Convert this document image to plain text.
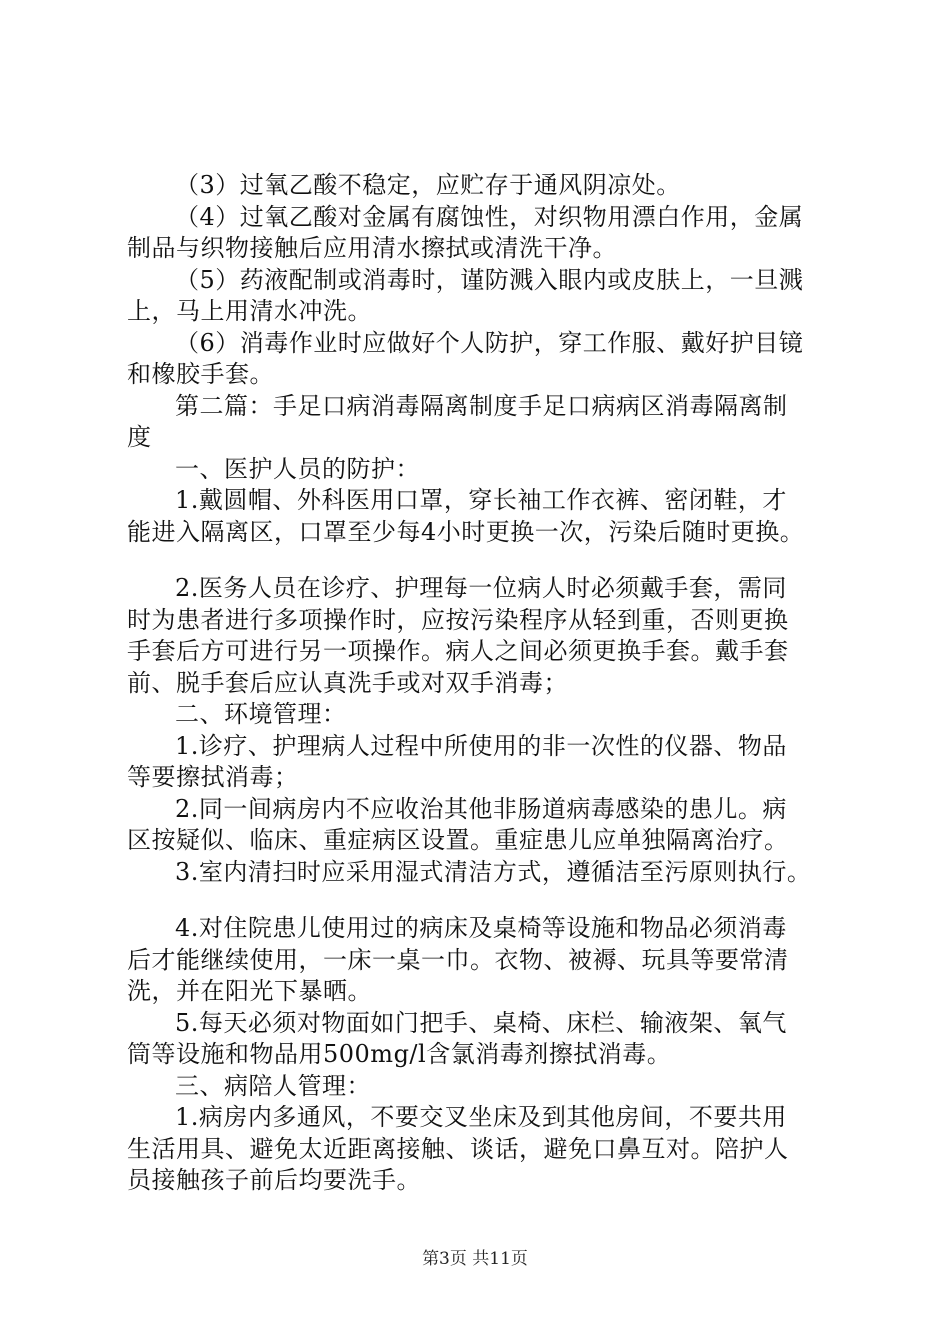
（3）过氧乙酸不稳定，应贮存于通风阴凉处。
（4）过氧乙酸对金属有腐蚀性，对织物用漂白作用，金属
制品与织物接触后应用清水擦拭或清洗干净。
（5）药液配制或消毒时，谨防溅入眼内或皮肤上，一旦溅
上，马上用清水冲洗。
（6）消毒作业时应做好个人防护，穿工作服、戴好护目镜
和橡胶手套。
第二篇：手足口病消毒隔离制度手足口病病区消毒隔离制
度
一、医护人员的防护：
1.戴圆帽、外科医用口罩，穿长袖工作衣裤、密闭鞋，才
能进入隔离区，口罩至少每4小时更换一次，污染后随时更换。
2.医务人员在诊疗、护理每一位病人时必须戴手套，需同
时为患者进行多项操作时，应按污染程序从轻到重，否则更换
手套后方可进行另一项操作。病人之间必须更换手套。戴手套
前、脱手套后应认真洗手或对双手消毒；
二、环境管理：
1.诊疗、护理病人过程中所使用的非一次性的仪器、物品
等要擦拭消毒；
2.同一间病房内不应收治其他非肠道病毒感染的患儿。病
区按疑似、临床、重症病区设置。重症患儿应单独隔离治疗。
3.室内清扫时应采用湿式清洁方式，遵循洁至污原则执行。
4.对住院患儿使用过的病床及桌椅等设施和物品必须消毒
后才能继续使用，一床一桌一巾。衣物、被褥、玩具等要常清
洗，并在阳光下暴晒。
5.每天必须对物面如门把手、桌椅、床栏、输液架、氧气
筒等设施和物品用500mg/l含氯消毒剂擦拭消毒。
三、病陪人管理：
1.病房内多通风，不要交叉坐床及到其他房间，不要共用
生活用具、避免太近距离接触、谈话，避免口鼻互对。陪护人
员接触孩子前后均要洗手。
第3页 共11页
